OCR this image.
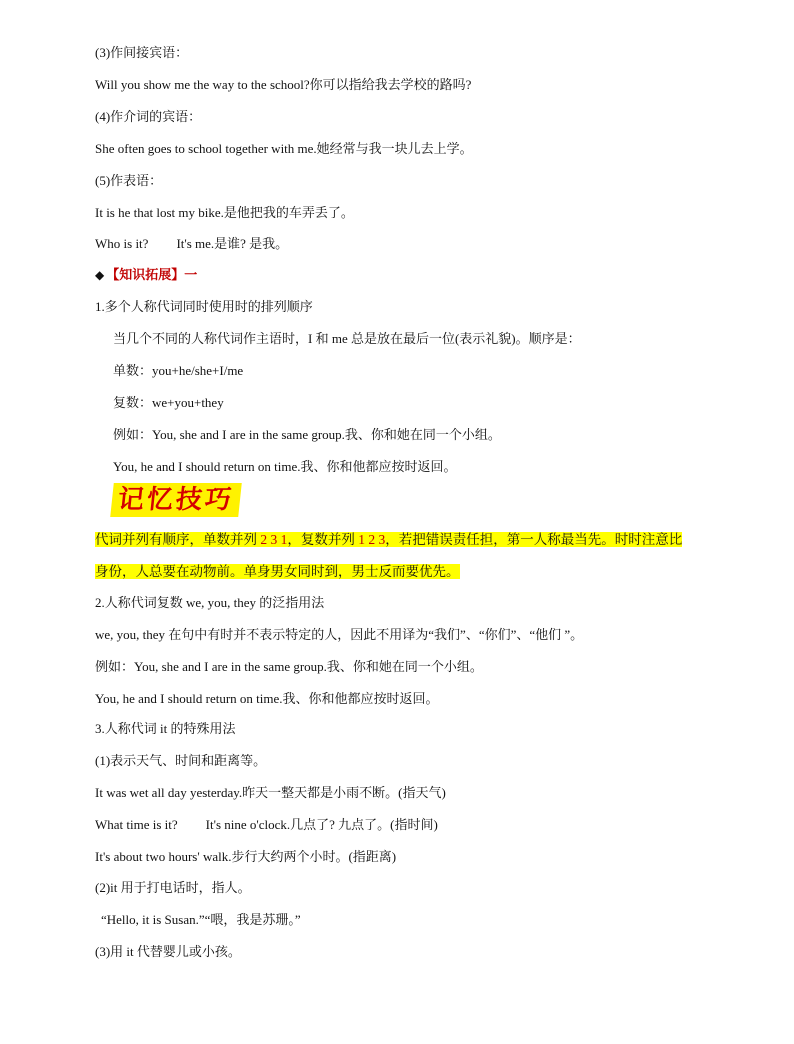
(3)作间接宾语：
Will you show me the way to the school?你可以指给我去学校的路吗?
(4)作介词的宾语：
She often goes to school together with me.她经常与我一块儿去上学。
(5)作表语：
It is he that lost my bike.是他把我的车弄丢了。
Who is it? It's me.是谁? 是我。
◆ 【知识拓展】一
1.多个人称代词同时使用时的排列顺序
当几个不同的人称代词作主语时，I 和 me 总是放在最后一位(表示礼貌)。顺序是：
单数：you+he/she+I/me
复数：we+you+they
例如：You, she and I are in the same group.我、你和她在同一个小组。
You, he and I should return on time.我、你和他都应按时返回。
记忆技巧
代词并列有顺序，单数并列 2 3 1，复数并列 1 2 3，若把错误责任担，第一人称最当先。时时注意比
身份，人总要在动物前。单身男女同时到，男士反而要优先。
2.人称代词复数 we, you, they 的泛指用法
we, you, they 在句中有时并不表示特定的人，因此不用译为“我们”、“你们”、“他们 ”。
例如：You, she and I are in the same group.我、你和她在同一个小组。
You, he and I should return on time.我、你和他都应按时返回。
3.人称代词 it 的特殊用法
(1)表示天气、时间和距离等。
It was wet all day yesterday.昨天一整天都是小雨不断。(指天气)
What time is it? It's nine o'clock.几点了? 九点了。(指时间)
It's about two hours' walk.步行大约两个小时。(指距离)
(2)it 用于打电话时，指人。
“Hello, it is Susan.”“喂，我是苏珊。”
(3)用 it 代替婴儿或小孩。
